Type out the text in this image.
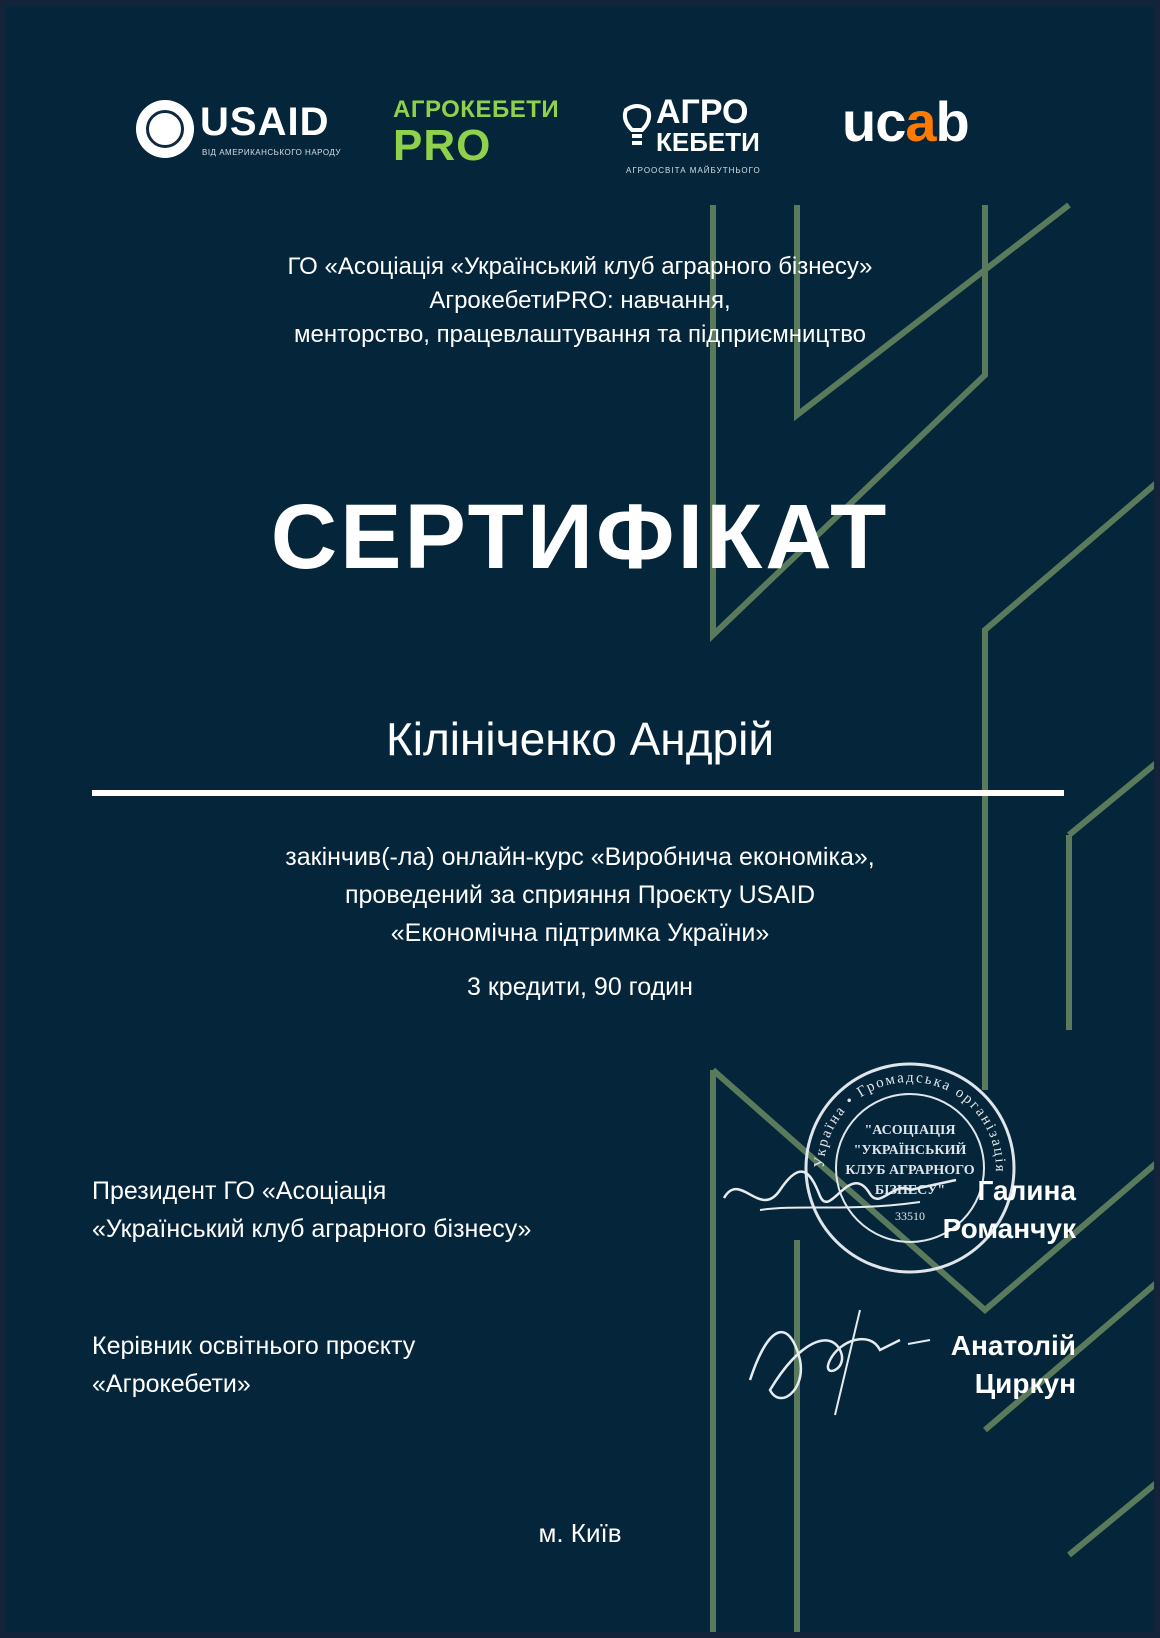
USAID
ВІД АМЕРИКАНСЬКОГО НАРОДУ
АГРОКЕБЕТИ
PRO
АГРО
КЕБЕТИ
АГРООСВІТА МАЙБУТНЬОГО
ucab
ГО «Асоціація «Український клуб аграрного бізнесу»
АгрокебетиPRO: навчання,
менторство, працевлаштування та підприємництво
СЕРТИФІКАТ
Кілініченко Андрій
закінчив(-ла) онлайн-курс «Виробнича економіка»,
проведений за сприяння Проєкту USAID
«Економічна підтримка України»
3 кредити, 90 годин
Україна • Громадська організація
"АСОЦІАЦІЯ
"УКРАЇНСЬКИЙ
КЛУБ АГРАРНОГО
БІЗНЕСУ"
33510
Президент ГО «Асоціація
«Український клуб аграрного бізнесу»
Галина
Романчук
Керівник освітнього проєкту
«Агрокебети»
Анатолій
Циркун
м. Київ
